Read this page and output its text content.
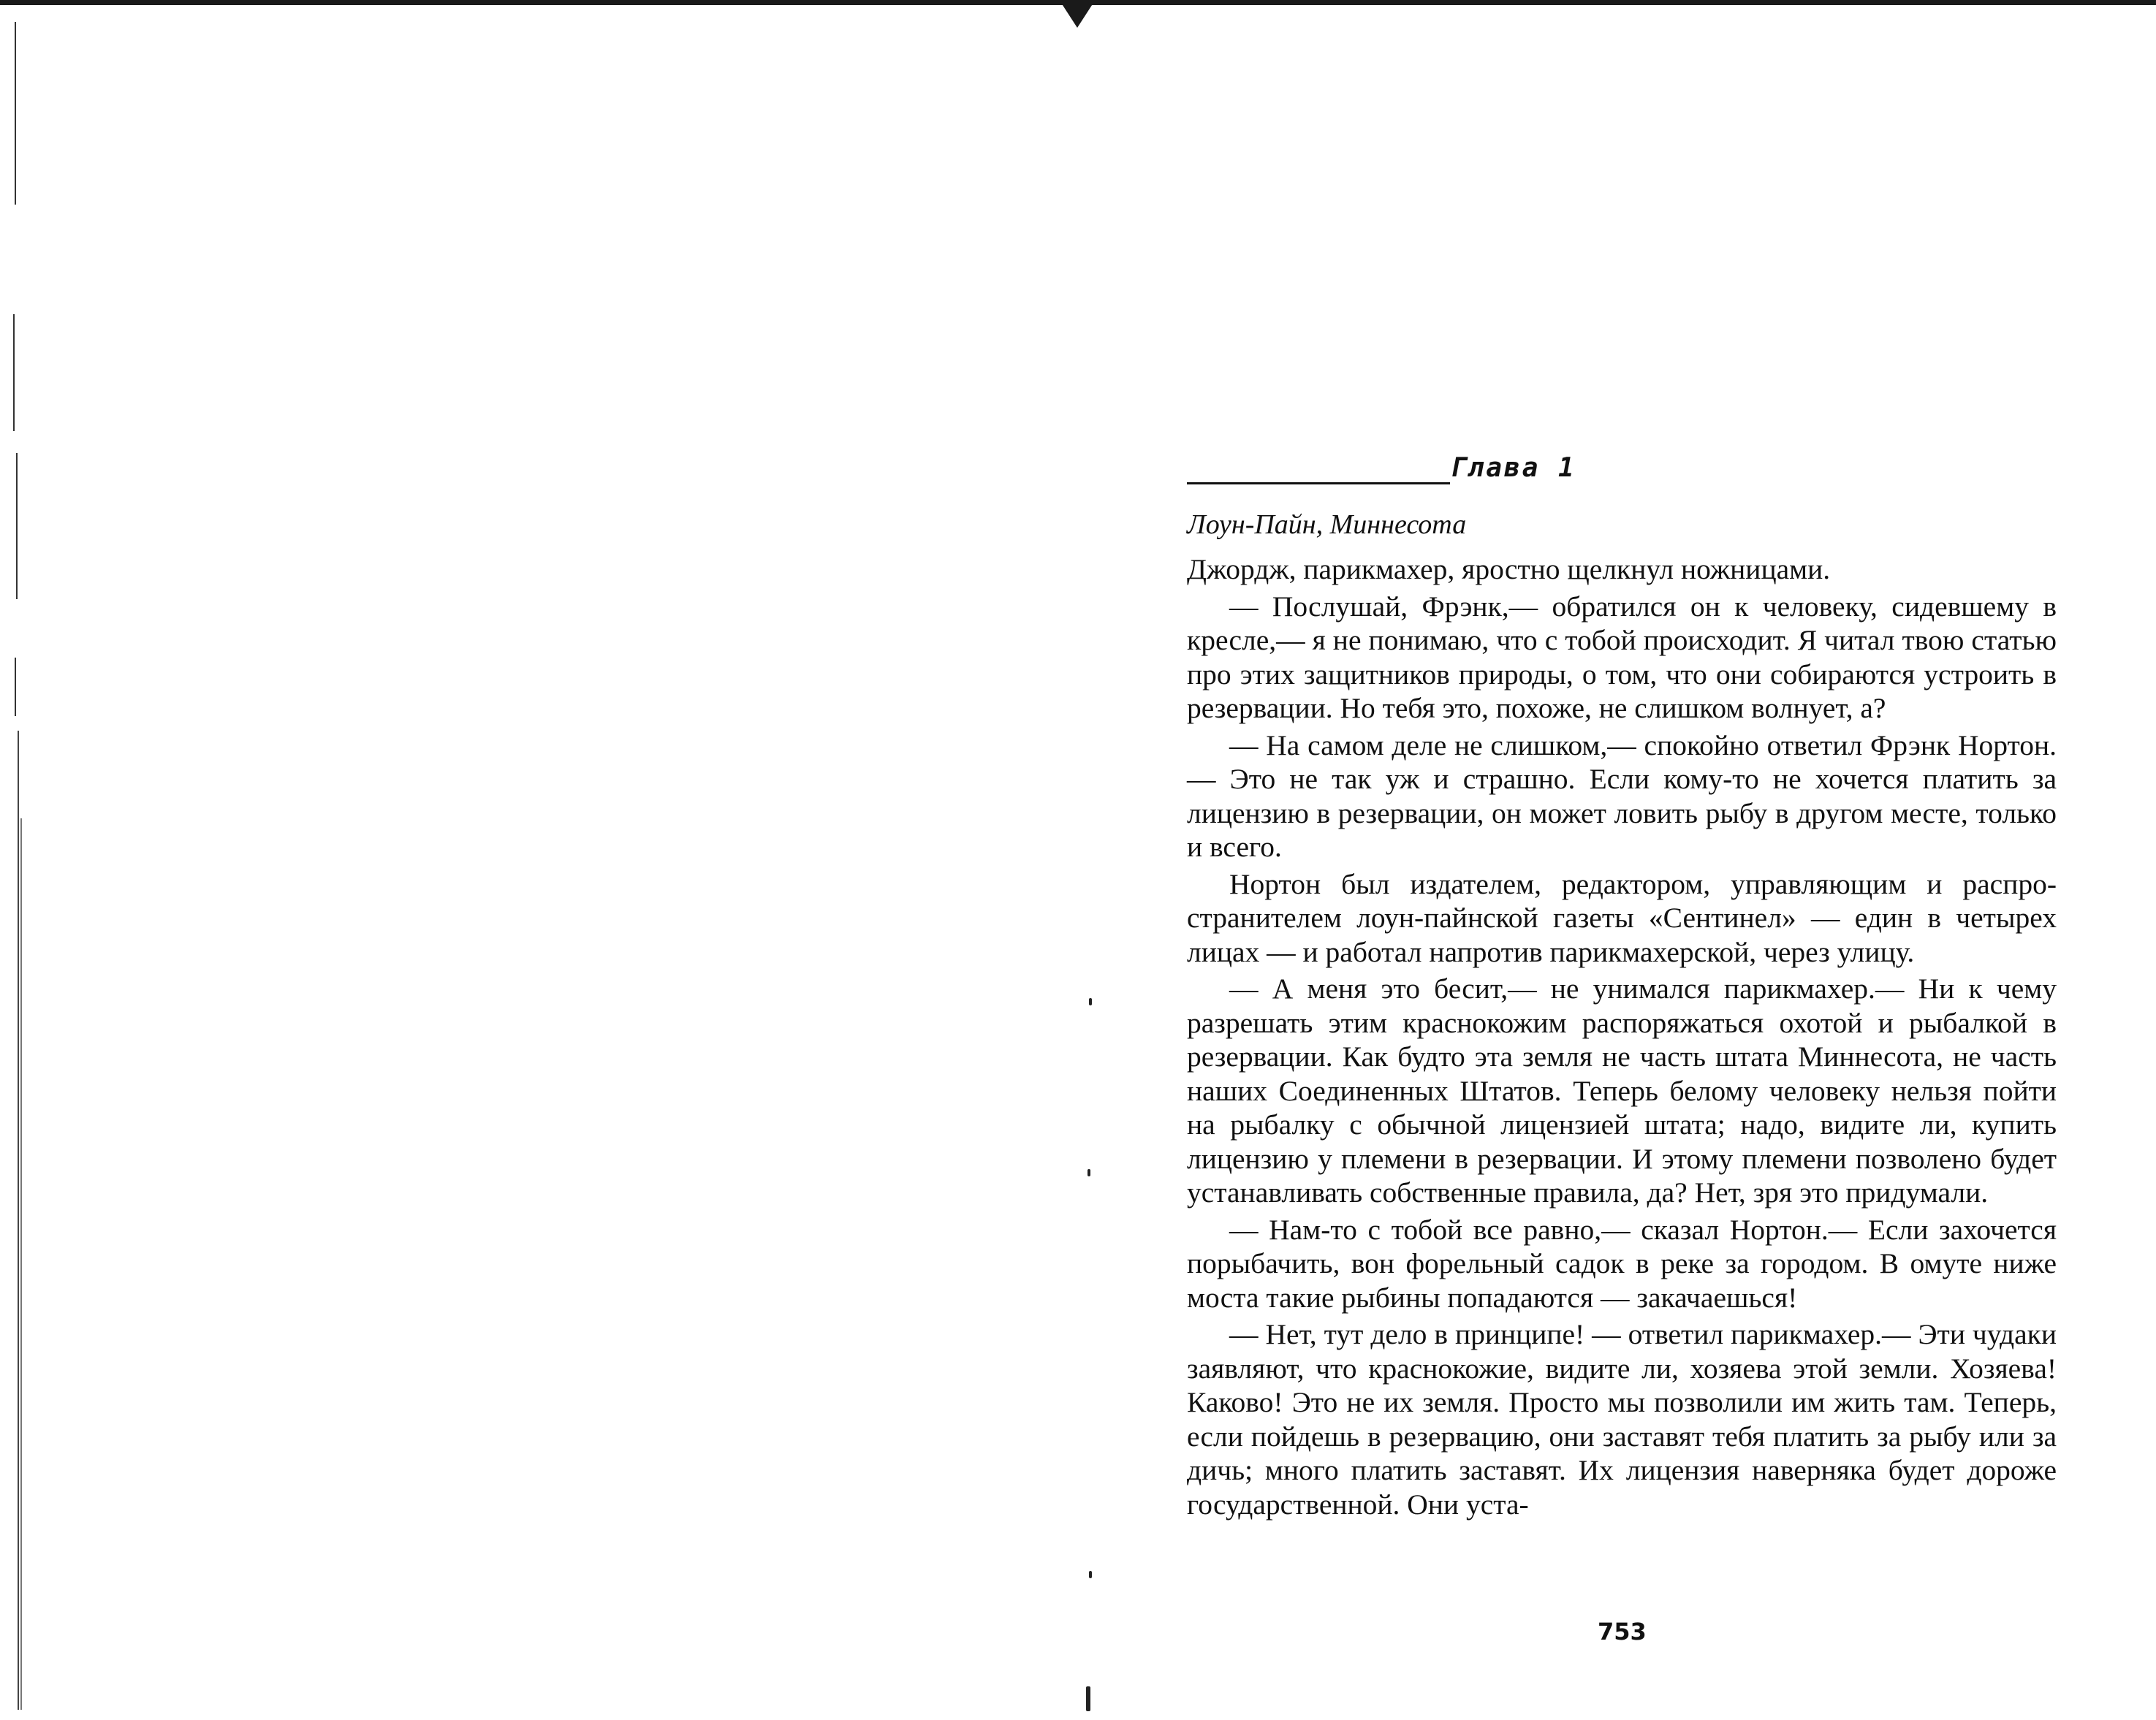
Глава 1
Лоун-Пайн, Миннесота

Джордж, парикмахер, яростно щелкнул ножницами.

— Послушай, Фрэнк,— обратился он к человеку, сидевшему в кресле,— я не понимаю, что с тобой происходит. Я читал твою статью про этих защитников природы, о том, что они собираются устроить в резервации. Но тебя это, похоже, не слишком волнует, а?

— На самом деле не слишком,— спокойно ответил Фрэнк Нортон.— Это не так уж и страшно. Если кому-то не хочется платить за лицензию в резервации, он может ловить рыбу в другом месте, только и всего.

Нортон был издателем, редактором, управляющим и распространителем лоун-пайнской газеты «Сентинел» — един в четырех лицах — и работал напротив парикмахерской, через улицу.

— А меня это бесит,— не унимался парикмахер.— Ни к чему разрешать этим краснокожим распоряжаться охотой и рыбалкой в резервации. Как будто эта земля не часть штата Миннесота, не часть наших Соединенных Штатов. Теперь белому человеку нельзя пойти на рыбалку с обычной лицензией штата; надо, видите ли, купить лицензию у племени в резервации. И этому племени позволено будет устанавливать собственные правила, да? Нет, зря это придумали.

— Нам-то с тобой все равно,— сказал Нортон.— Если захочется порыбачить, вон форельный садок в реке за городом. В омуте ниже моста такие рыбины попадаются — закачаешься!

— Нет, тут дело в принципе! — ответил парикмахер.— Эти чудаки заявляют, что краснокожие, видите ли, хозяева этой земли. Хозяева! Каково! Это не их земля. Просто мы позволили им жить там. Теперь, если пойдешь в резервацию, они заставят тебя платить за рыбу или за дичь; много платить заставят. Их лицензия наверняка будет дороже государственной. Они уста-

753
